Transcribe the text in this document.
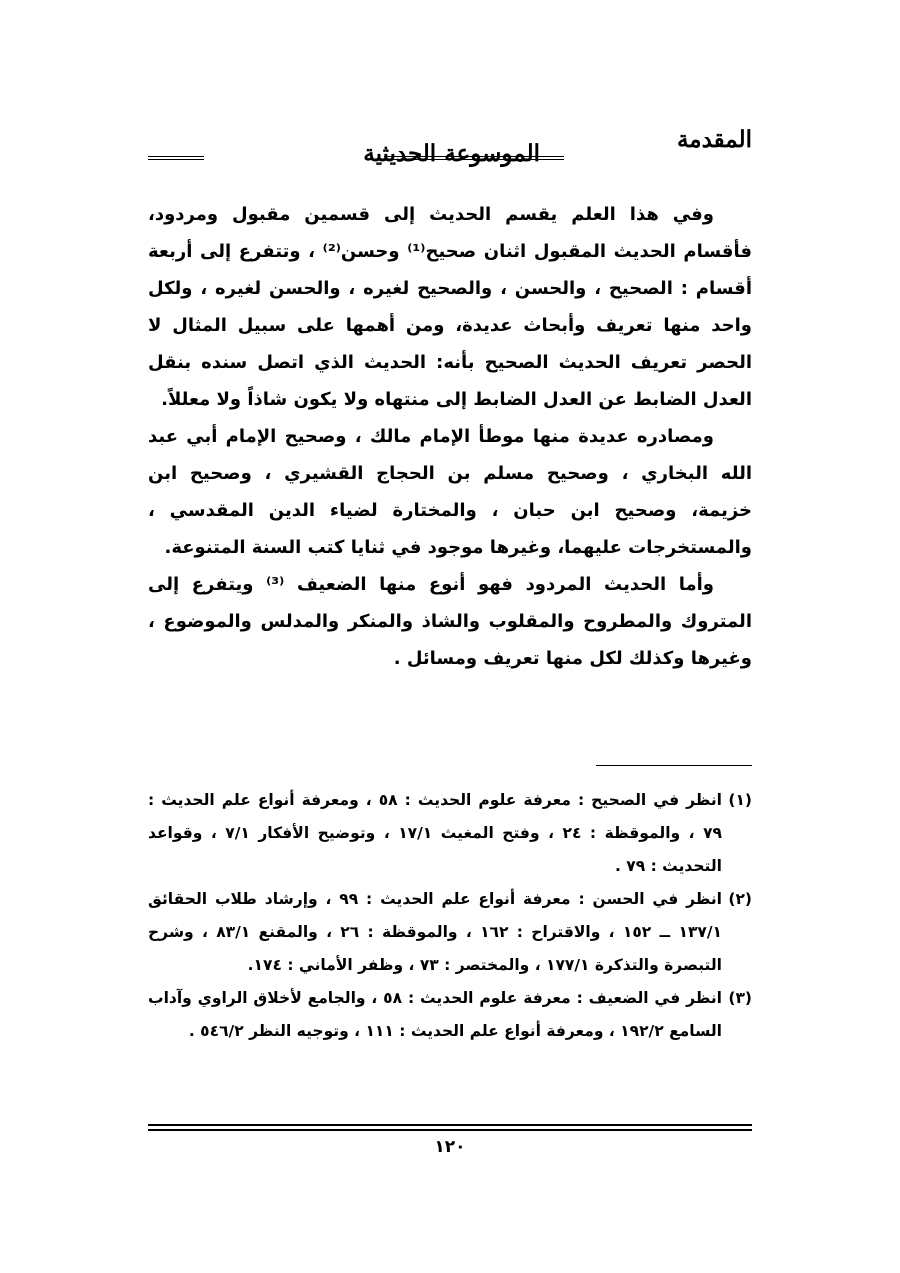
المقدمة
الموسوعة الحديثية

وفي هذا العلم يقسم الحديث إلى قسمين مقبول ومردود، فأقسام الحديث المقبول اثنان صحيح⁽¹⁾ وحسن⁽²⁾ ، وتتفرع إلى أربعة أقسام : الصحيح ، والحسن ، والصحيح لغيره ، والحسن لغيره ، ولكل واحد منها تعريف وأبحاث عديدة، ومن أهمها على سبيل المثال لا الحصر تعريف الحديث الصحيح بأنه: الحديث الذي اتصل سنده بنقل العدل الضابط عن العدل الضابط إلى منتهاه ولا يكون شاذاً ولا معللاً.

ومصادره عديدة منها موطأ الإمام مالك ، وصحيح الإمام أبي عبد الله البخاري ، وصحيح مسلم بن الحجاج القشيري ، وصحيح ابن خزيمة، وصحيح ابن حبان ، والمختارة لضياء الدين المقدسي ، والمستخرجات عليهما، وغيرها موجود في ثنايا كتب السنة المتنوعة.

وأما الحديث المردود فهو أنوع منها الضعيف ⁽³⁾ ويتفرع إلى المتروك والمطروح والمقلوب والشاذ والمنكر والمدلس والموضوع ، وغيرها وكذلك لكل منها تعريف ومسائل .

(١)
انظر في الصحيح : معرفة علوم الحديث : ٥٨ ، ومعرفة أنواع علم الحديث : ٧٩ ، والموقظة : ٢٤ ، وفتح المغيث ١٧/١ ، وتوضيح الأفكار ٧/١ ، وقواعد التحديث : ٧٩ .
(٢)
انظر في الحسن : معرفة أنواع علم الحديث : ٩٩ ، وإرشاد طلاب الحقائق ١٣٧/١ ــ ١٥٢ ، والاقتراح : ١٦٢ ، والموقظة : ٢٦ ، والمقنع ٨٣/١ ، وشرح التبصرة والتذكرة ١٧٧/١ ، والمختصر : ٧٣ ، وظفر الأماني : ١٧٤.
(٣)
انظر في الضعيف : معرفة علوم الحديث : ٥٨ ، والجامع لأخلاق الراوي وآداب السامع ١٩٢/٢ ، ومعرفة أنواع علم الحديث : ١١١ ، وتوجيه النظر ٥٤٦/٢ .
١٢٠
